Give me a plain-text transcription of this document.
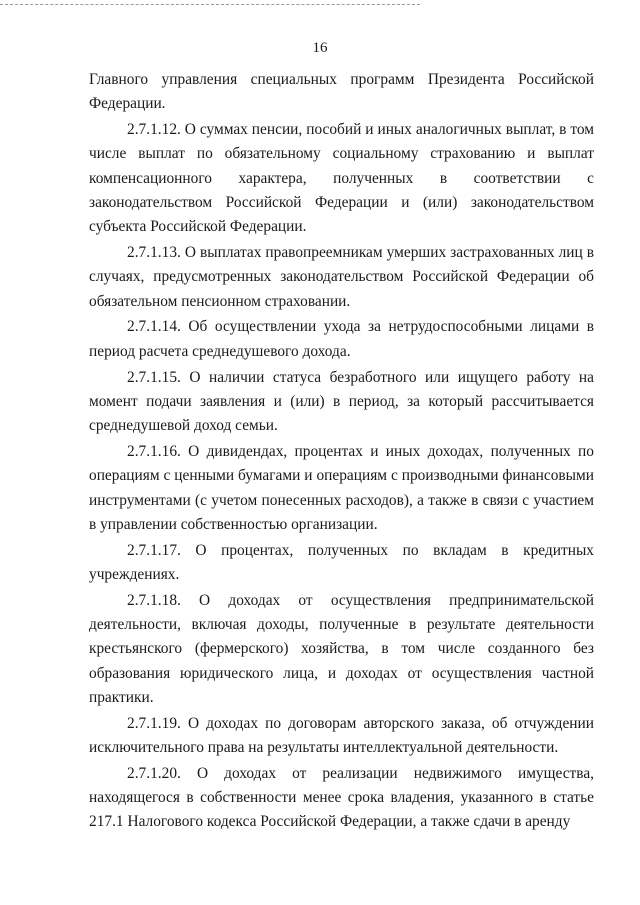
16

Главного управления специальных программ Президента Российской Федерации.

2.7.1.12. О суммах пенсии, пособий и иных аналогичных выплат, в том числе выплат по обязательному социальному страхованию и выплат компенсационного характера, полученных в соответствии с законодательством Российской Федерации и (или) законодательством субъекта Российской Федерации.

2.7.1.13. О выплатах правопреемникам умерших застрахованных лиц в случаях, предусмотренных законодательством Российской Федерации об обязательном пенсионном страховании.

2.7.1.14. Об осуществлении ухода за нетрудоспособными лицами в период расчета среднедушевого дохода.

2.7.1.15. О наличии статуса безработного или ищущего работу на момент подачи заявления и (или) в период, за который рассчитывается среднедушевой доход семьи.

2.7.1.16. О дивидендах, процентах и иных доходах, полученных по операциям с ценными бумагами и операциям с производными финансовыми инструментами (с учетом понесенных расходов), а также в связи с участием в управлении собственностью организации.

2.7.1.17. О процентах, полученных по вкладам в кредитных учреждениях.

2.7.1.18. О доходах от осуществления предпринимательской деятельности, включая доходы, полученные в результате деятельности крестьянского (фермерского) хозяйства, в том числе созданного без образования юридического лица, и доходах от осуществления частной практики.

2.7.1.19. О доходах по договорам авторского заказа, об отчуждении исключительного права на результаты интеллектуальной деятельности.

2.7.1.20. О доходах от реализации недвижимого имущества, находящегося в собственности менее срока владения, указанного в статье 217.1 Налогового кодекса Российской Федерации, а также сдачи в аренду
